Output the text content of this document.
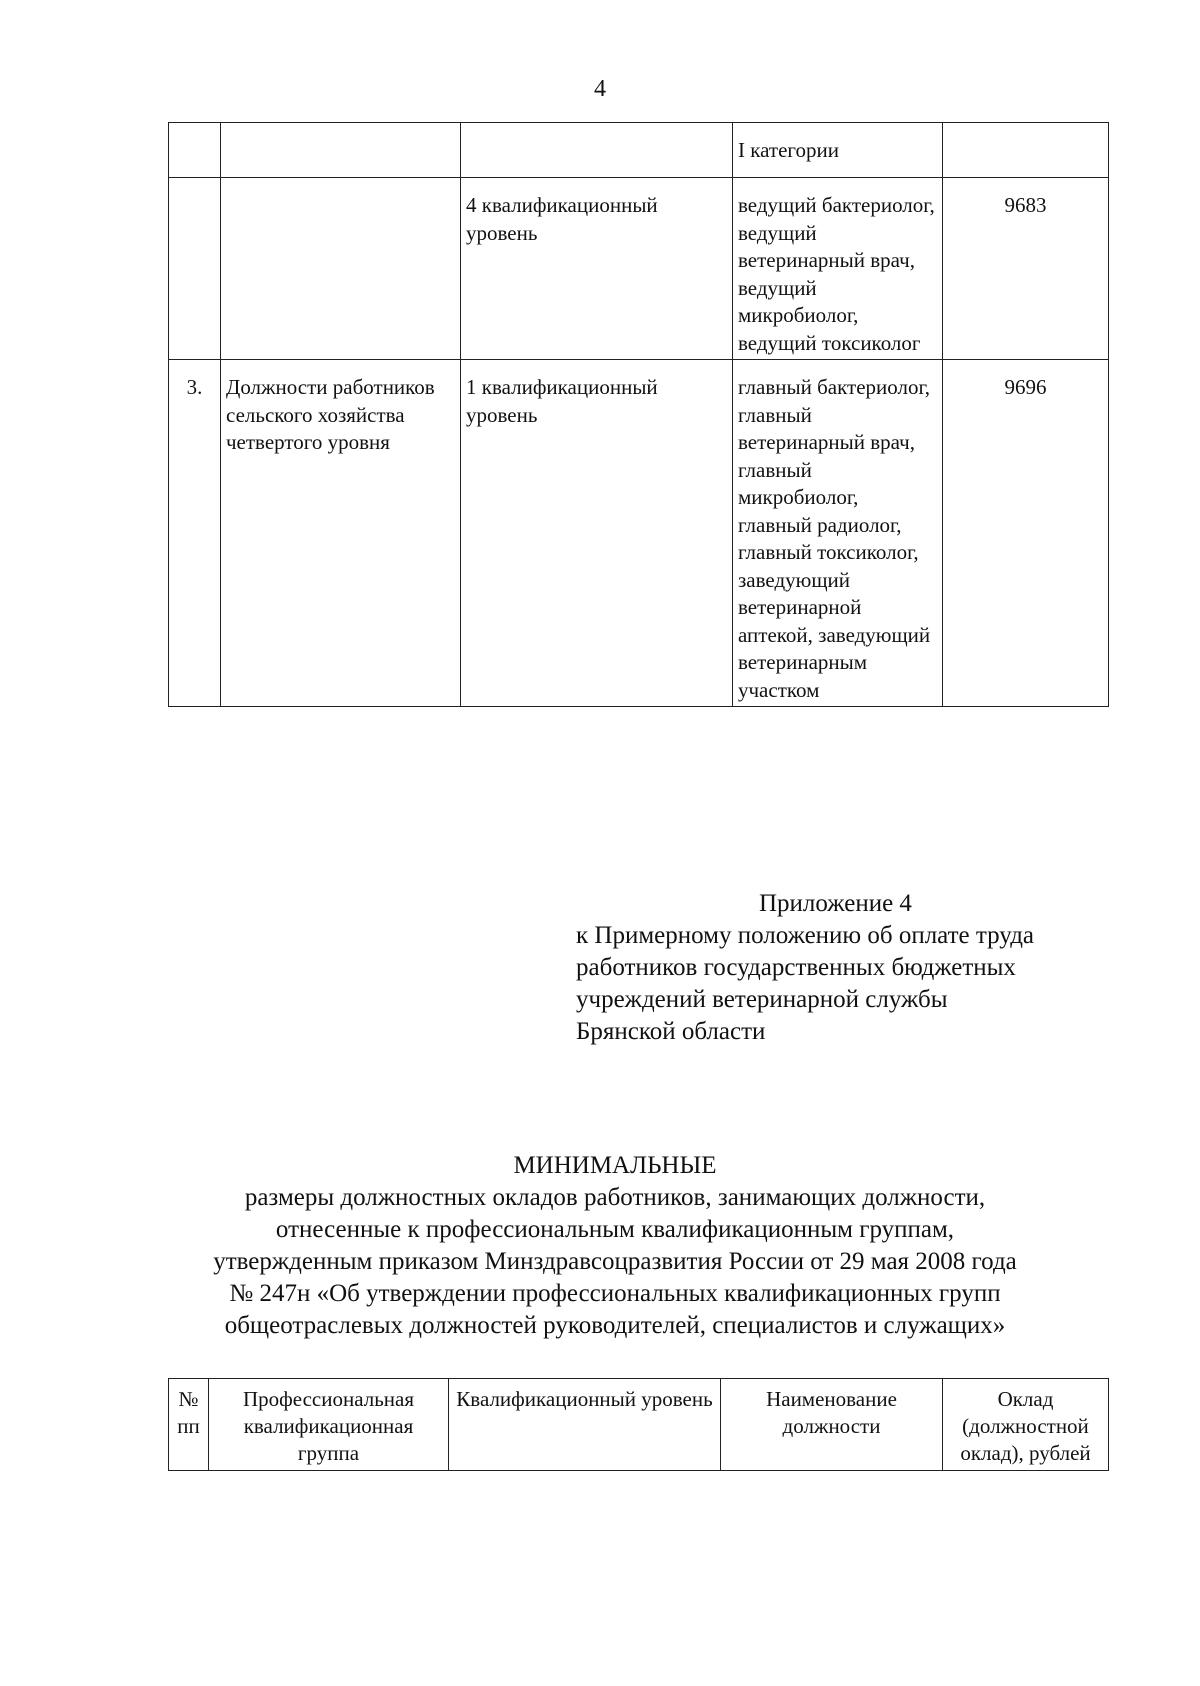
4
			I категории	
		4 квалификационный уровень	ведущий бактериолог, ведущий ветеринарный врач, ведущий микробиолог, ведущий токсиколог	9683
3.	Должности работников сельского хозяйства четвертого уровня	1 квалификационный уровень	главный бактериолог, главный ветеринарный врач, главный микробиолог, главный радиолог, главный токсиколог, заведующий ветеринарной аптекой, заведующий ветеринарным участком	9696
Приложение 4
к Примерному положению об оплате труда
работников государственных бюджетных
учреждений ветеринарной службы
Брянской области
МИНИМАЛЬНЫЕ
размеры должностных окладов работников, занимающих должности,
отнесенные к профессиональным квалификационным группам,
утвержденным приказом Минздравсоцразвития России от 29 мая 2008 года
№ 247н «Об утверждении профессиональных квалификационных групп
общеотраслевых должностей руководителей, специалистов и служащих»
№ пп	Профессиональная квалификационная группа	Квалификационный уровень	Наименование должности	Оклад (должностной оклад), рублей
